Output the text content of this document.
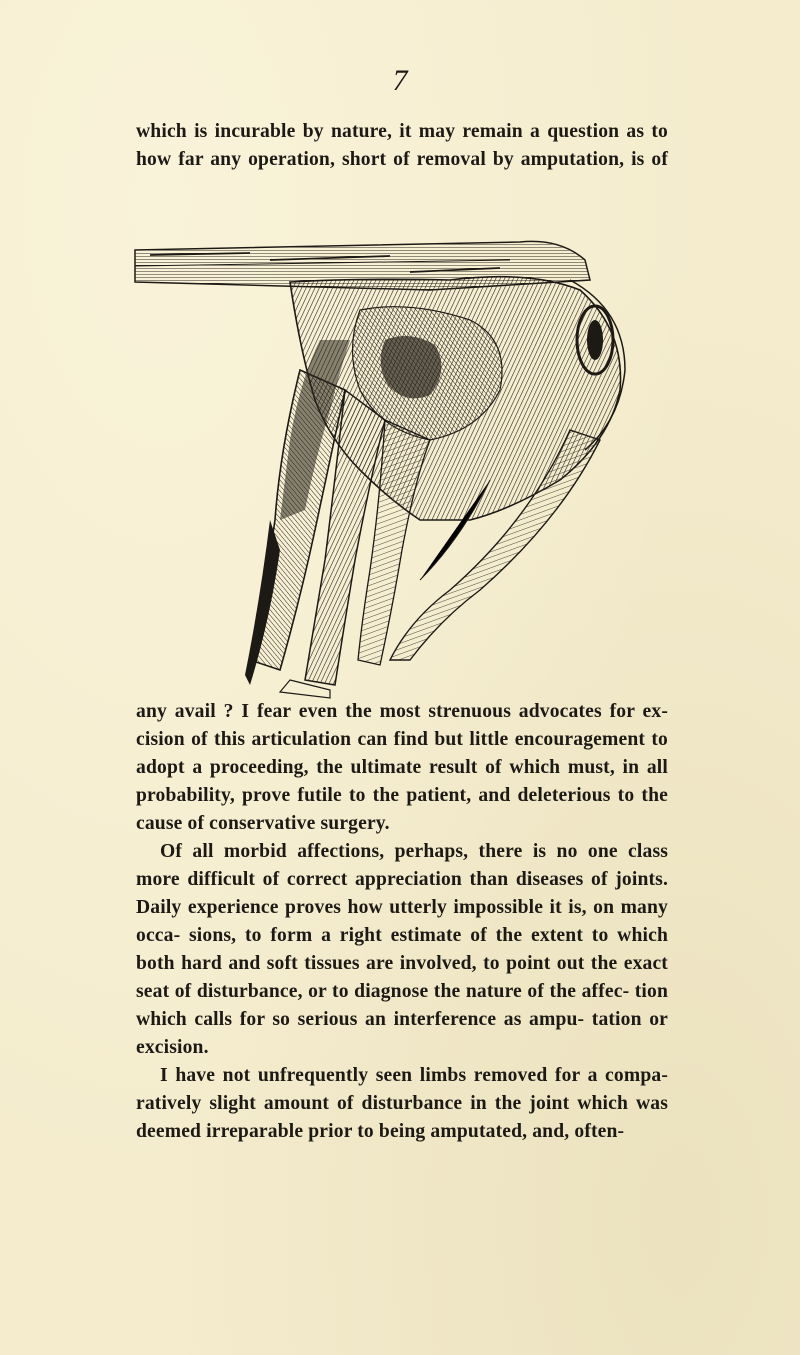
7
which is incurable by nature, it may remain a question as to
how far any operation, short of removal by amputation, is of

any avail ? I fear even the most strenuous advocates for ex- cision of this articulation can find but little encouragement to adopt a proceeding, the ultimate result of which must, in all probability, prove futile to the patient, and deleterious to the cause of conservative surgery.

Of all morbid affections, perhaps, there is no one class more difficult of correct appreciation than diseases of joints. Daily experience proves how utterly impossible it is, on many occa- sions, to form a right estimate of the extent to which both hard and soft tissues are involved, to point out the exact seat of disturbance, or to diagnose the nature of the affec- tion which calls for so serious an interference as ampu- tation or excision.

I have not unfrequently seen limbs removed for a compa- ratively slight amount of disturbance in the joint which was deemed irreparable prior to being amputated, and, often-
